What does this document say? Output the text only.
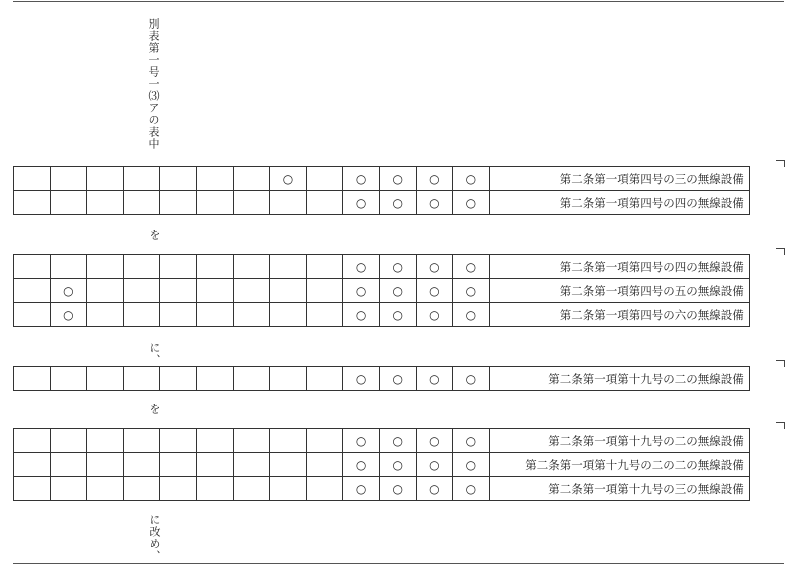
別表第一号一⑶アの表中
							○		○	○	○	○	第二条第一項第四号の三の無線設備
									○	○	○	○	第二条第一項第四号の四の無線設備
を
									○	○	○	○	第二条第一項第四号の四の無線設備
	○								○	○	○	○	第二条第一項第四号の五の無線設備
	○								○	○	○	○	第二条第一項第四号の六の無線設備
に、
									○	○	○	○	第二条第一項第十九号の二の無線設備
を
									○	○	○	○	第二条第一項第十九号の二の無線設備
									○	○	○	○	第二条第一項第十九号の二の二の無線設備
									○	○	○	○	第二条第一項第十九号の三の無線設備
に改め、
